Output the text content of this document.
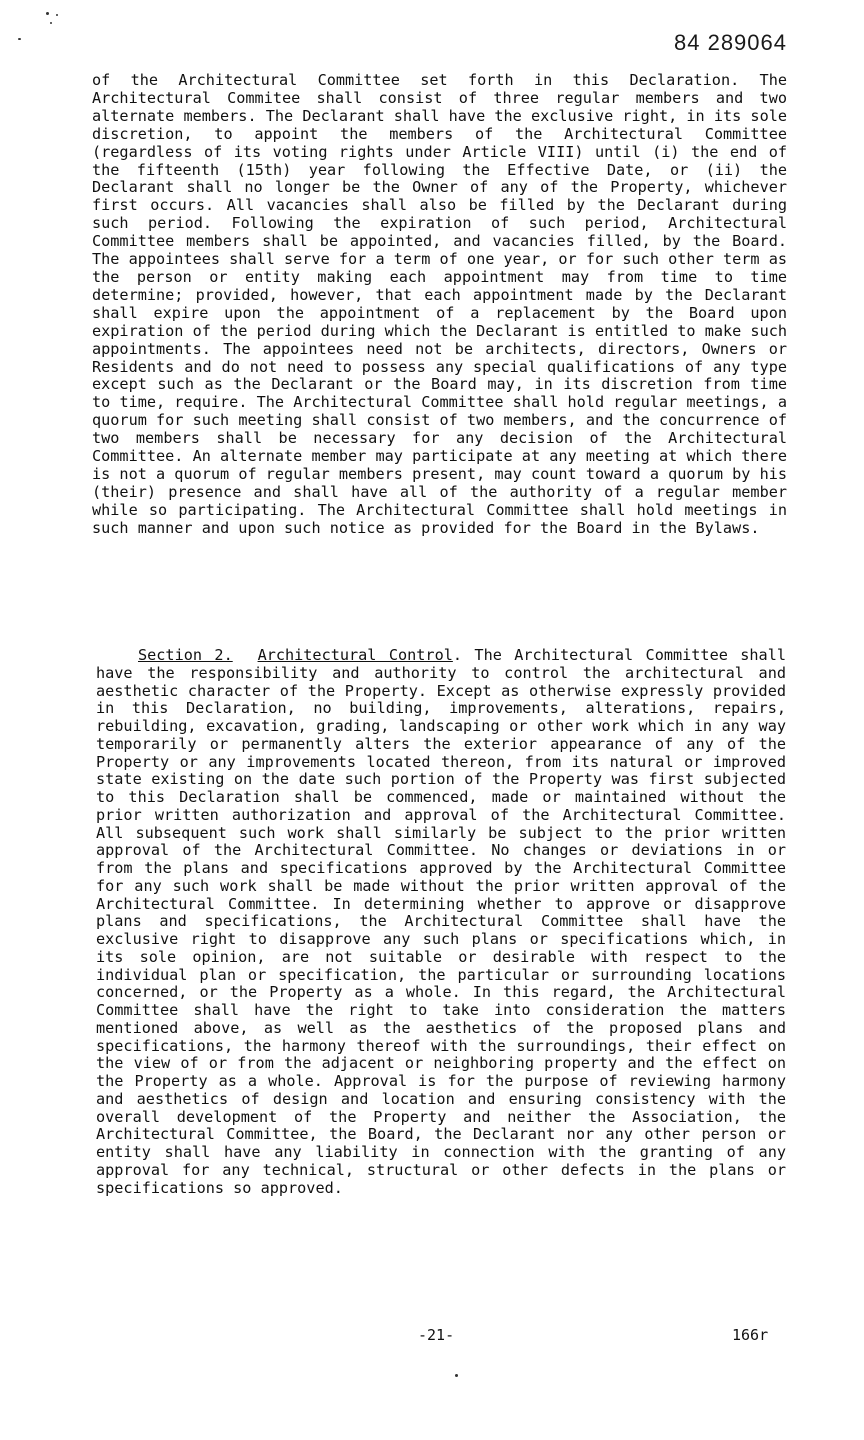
84 289064

of the Architectural Committee set forth in this Declaration. The Architectural Commitee shall consist of three regular members and two alternate members. The Declarant shall have the exclusive right, in its sole discretion, to appoint the members of the Architectural Committee (regardless of its voting rights under Article VIII) until (i) the end of the fifteenth (15th) year following the Effective Date, or (ii) the Declarant shall no longer be the Owner of any of the Property, whichever first occurs. All vacancies shall also be filled by the Declarant during such period. Following the expiration of such period, Architectural Committee members shall be appointed, and vacancies filled, by the Board. The appointees shall serve for a term of one year, or for such other term as the person or entity making each appointment may from time to time determine; provided, however, that each appointment made by the Declarant shall expire upon the appointment of a replacement by the Board upon expiration of the period during which the Declarant is entitled to make such appointments. The appointees need not be architects, directors, Owners or Residents and do not need to possess any special qualifications of any type except such as the Declarant or the Board may, in its discretion from time to time, require. The Architectural Committee shall hold regular meetings, a quorum for such meeting shall consist of two members, and the concurrence of two members shall be necessary for any decision of the Architectural Committee. An alternate member may participate at any meeting at which there is not a quorum of regular members present, may count toward a quorum by his (their) presence and shall have all of the authority of a regular member while so participating. The Architectural Committee shall hold meetings in such manner and upon such notice as provided for the Board in the Bylaws.

Section 2. Architectural Control. The Architectural Committee shall have the responsibility and authority to control the architectural and aesthetic character of the Property. Except as otherwise expressly provided in this Declaration, no building, improvements, alterations, repairs, rebuilding, excavation, grading, landscaping or other work which in any way temporarily or permanently alters the exterior appearance of any of the Property or any improvements located thereon, from its natural or improved state existing on the date such portion of the Property was first subjected to this Declaration shall be commenced, made or maintained without the prior written authorization and approval of the Architectural Committee. All subsequent such work shall similarly be subject to the prior written approval of the Architectural Committee. No changes or deviations in or from the plans and specifications approved by the Architectural Committee for any such work shall be made without the prior written approval of the Architectural Committee. In determining whether to approve or disapprove plans and specifications, the Architectural Committee shall have the exclusive right to disapprove any such plans or specifications which, in its sole opinion, are not suitable or desirable with respect to the individual plan or specification, the particular or surrounding locations concerned, or the Property as a whole. In this regard, the Architectural Committee shall have the right to take into consideration the matters mentioned above, as well as the aesthetics of the proposed plans and specifications, the harmony thereof with the surroundings, their effect on the view of or from the adjacent or neighboring property and the effect on the Property as a whole. Approval is for the purpose of reviewing harmony and aesthetics of design and location and ensuring consistency with the overall development of the Property and neither the Association, the Architectural Committee, the Board, the Declarant nor any other person or entity shall have any liability in connection with the granting of any approval for any technical, structural or other defects in the plans or specifications so approved.

-21-	166r
